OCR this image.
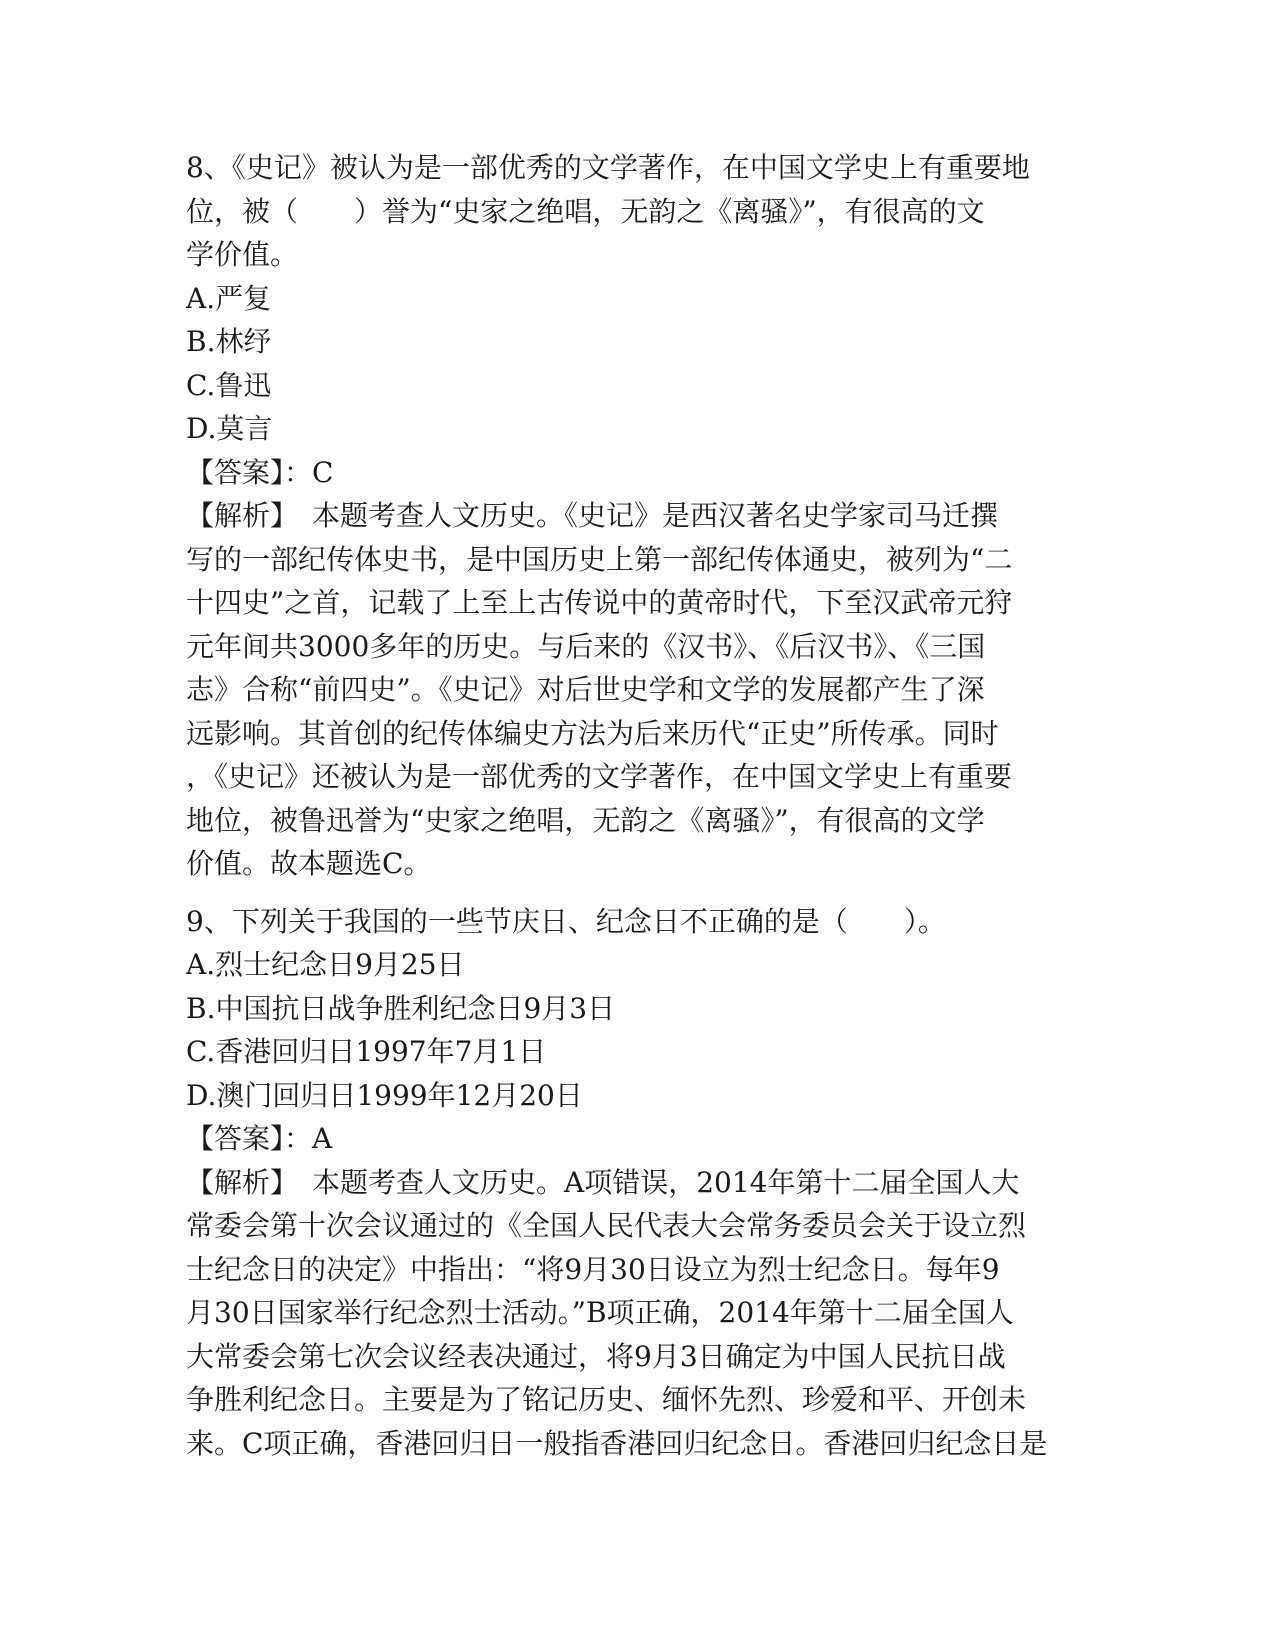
8、《史记》被认为是一部优秀的文学著作，在中国文学史上有重要地
位，被（　　）誉为“史家之绝唱，无韵之《离骚》”，有很高的文
学价值。
A.严复
B.林纾
C.鲁迅
D.莫言
【答案】：C
【解析】　本题考查人文历史。《史记》是西汉著名史学家司马迁撰
写的一部纪传体史书，是中国历史上第一部纪传体通史，被列为“二
十四史”之首，记载了上至上古传说中的黄帝时代，下至汉武帝元狩
元年间共3000多年的历史。与后来的《汉书》、《后汉书》、《三国
志》合称“前四史”。《史记》对后世史学和文学的发展都产生了深
远影响。其首创的纪传体编史方法为后来历代“正史”所传承。同时
，《史记》还被认为是一部优秀的文学著作，在中国文学史上有重要
地位，被鲁迅誉为“史家之绝唱，无韵之《离骚》”，有很高的文学
价值。故本题选C。
9、下列关于我国的一些节庆日、纪念日不正确的是（　　）。
A.烈士纪念日9月25日
B.中国抗日战争胜利纪念日9月3日
C.香港回归日1997年7月1日
D.澳门回归日1999年12月20日
【答案】：A
【解析】　本题考查人文历史。A项错误，2014年第十二届全国人大
常委会第十次会议通过的《全国人民代表大会常务委员会关于设立烈
士纪念日的决定》中指出：“将9月30日设立为烈士纪念日。每年9
月30日国家举行纪念烈士活动。”B项正确，2014年第十二届全国人
大常委会第七次会议经表决通过，将9月3日确定为中国人民抗日战
争胜利纪念日。主要是为了铭记历史、缅怀先烈、珍爱和平、开创未
来。C项正确，香港回归日一般指香港回归纪念日。香港回归纪念日是
